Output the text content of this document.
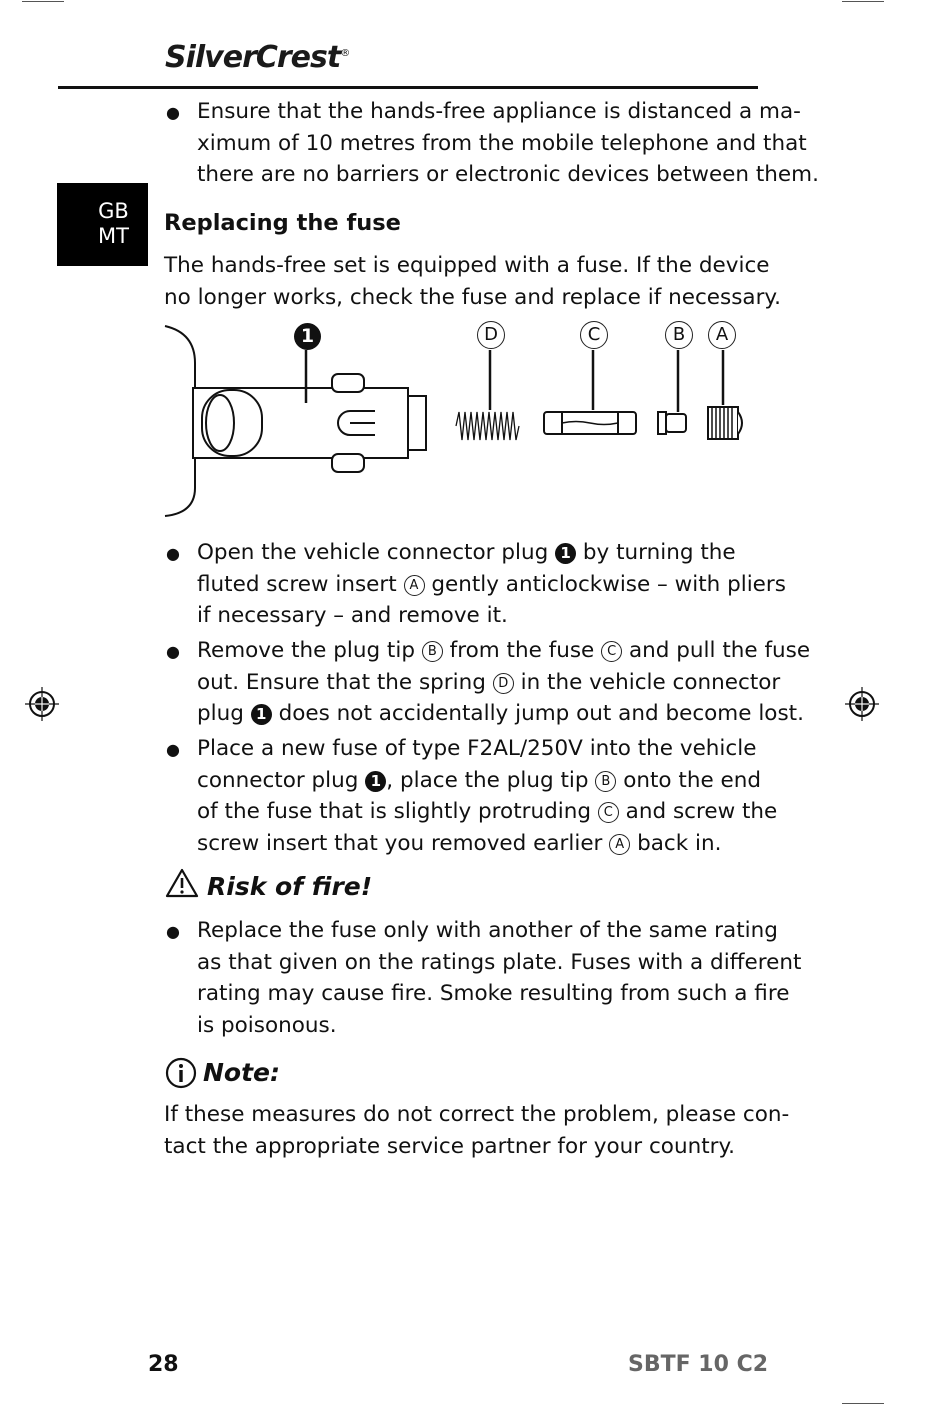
SilverCrest®
GB
MT
● Ensure that the hands-free appliance is distanced a ma-
ximum of 10 metres from the mobile telephone and that
there are no barriers or electronic devices between them.
Replacing the fuse
The hands-free set is equipped with a fuse. If the device
no longer works, check the fuse and replace if necessary.
1	D	C	B	A
● Open the vehicle connector plug 1 by turning the
fluted screw insert A gently anticlockwise – with pliers
if necessary – and remove it.
● Remove the plug tip B from the fuse C and pull the fuse
out. Ensure that the spring D in the vehicle connector
plug 1 does not accidentally jump out and become lost.
● Place a new fuse of type F2AL/250V into the vehicle
connector plug 1 , place the plug tip B onto the end
of the fuse that is slightly protruding C and screw the
screw insert that you removed earlier A back in.
Risk of fire!
● Replace the fuse only with another of the same rating
as that given on the ratings plate. Fuses with a different
rating may cause fire. Smoke resulting from such a fire
is poisonous.
Note:
If these measures do not correct the problem, please con-
tact the appropriate service partner for your country.
28	SBTF 10 C2
